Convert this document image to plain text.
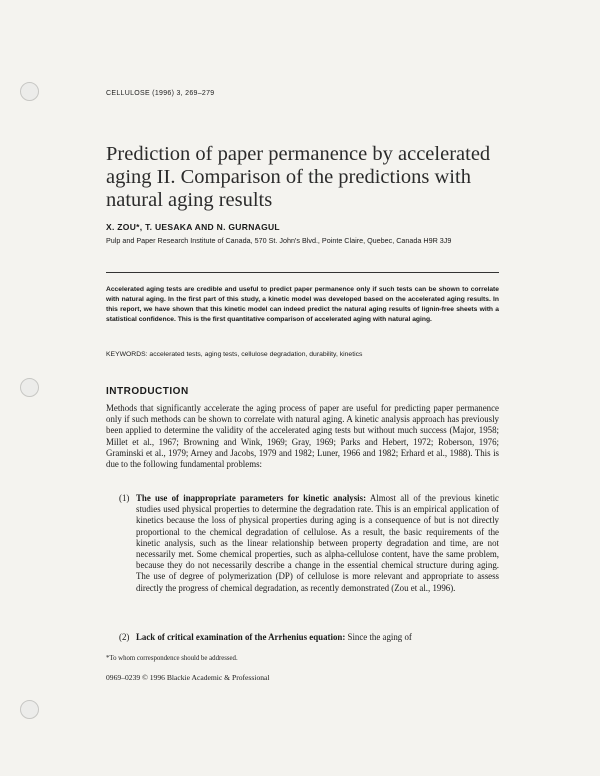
CELLULOSE (1996) 3, 269–279
Prediction of paper permanence by accelerated aging II. Comparison of the predictions with natural aging results
X. ZOU*, T. UESAKA AND N. GURNAGUL
Pulp and Paper Research Institute of Canada, 570 St. John's Blvd., Pointe Claire, Quebec, Canada H9R 3J9
Accelerated aging tests are credible and useful to predict paper permanence only if such tests can be shown to correlate with natural aging. In the first part of this study, a kinetic model was developed based on the accelerated aging results. In this report, we have shown that this kinetic model can indeed predict the natural aging results of lignin-free sheets with a statistical confidence. This is the first quantitative comparison of accelerated aging with natural aging.
KEYWORDS: accelerated tests, aging tests, cellulose degradation, durability, kinetics
INTRODUCTION
Methods that significantly accelerate the aging process of paper are useful for predicting paper permanence only if such methods can be shown to correlate with natural aging. A kinetic analysis approach has previously been applied to determine the validity of the accelerated aging tests but without much success (Major, 1958; Millet et al., 1967; Browning and Wink, 1969; Gray, 1969; Parks and Hebert, 1972; Roberson, 1976; Graminski et al., 1979; Arney and Jacobs, 1979 and 1982; Luner, 1966 and 1982; Erhard et al., 1988). This is due to the following fundamental problems:
(1) The use of inappropriate parameters for kinetic analysis: Almost all of the previous kinetic studies used physical properties to determine the degradation rate. This is an empirical application of kinetics because the loss of physical properties during aging is a consequence of but is not directly proportional to the chemical degradation of cellulose. As a result, the basic requirements of the kinetic analysis, such as the linear relationship between property degradation and time, are not necessarily met. Some chemical properties, such as alpha-cellulose content, have the same problem, because they do not necessarily describe a change in the essential chemical structure during aging. The use of degree of polymerization (DP) of cellulose is more relevant and appropriate to assess directly the progress of chemical degradation, as recently demonstrated (Zou et al., 1996).
(2) Lack of critical examination of the Arrhenius equation: Since the aging of
*To whom correspondence should be addressed.
0969–0239 © 1996 Blackie Academic & Professional
